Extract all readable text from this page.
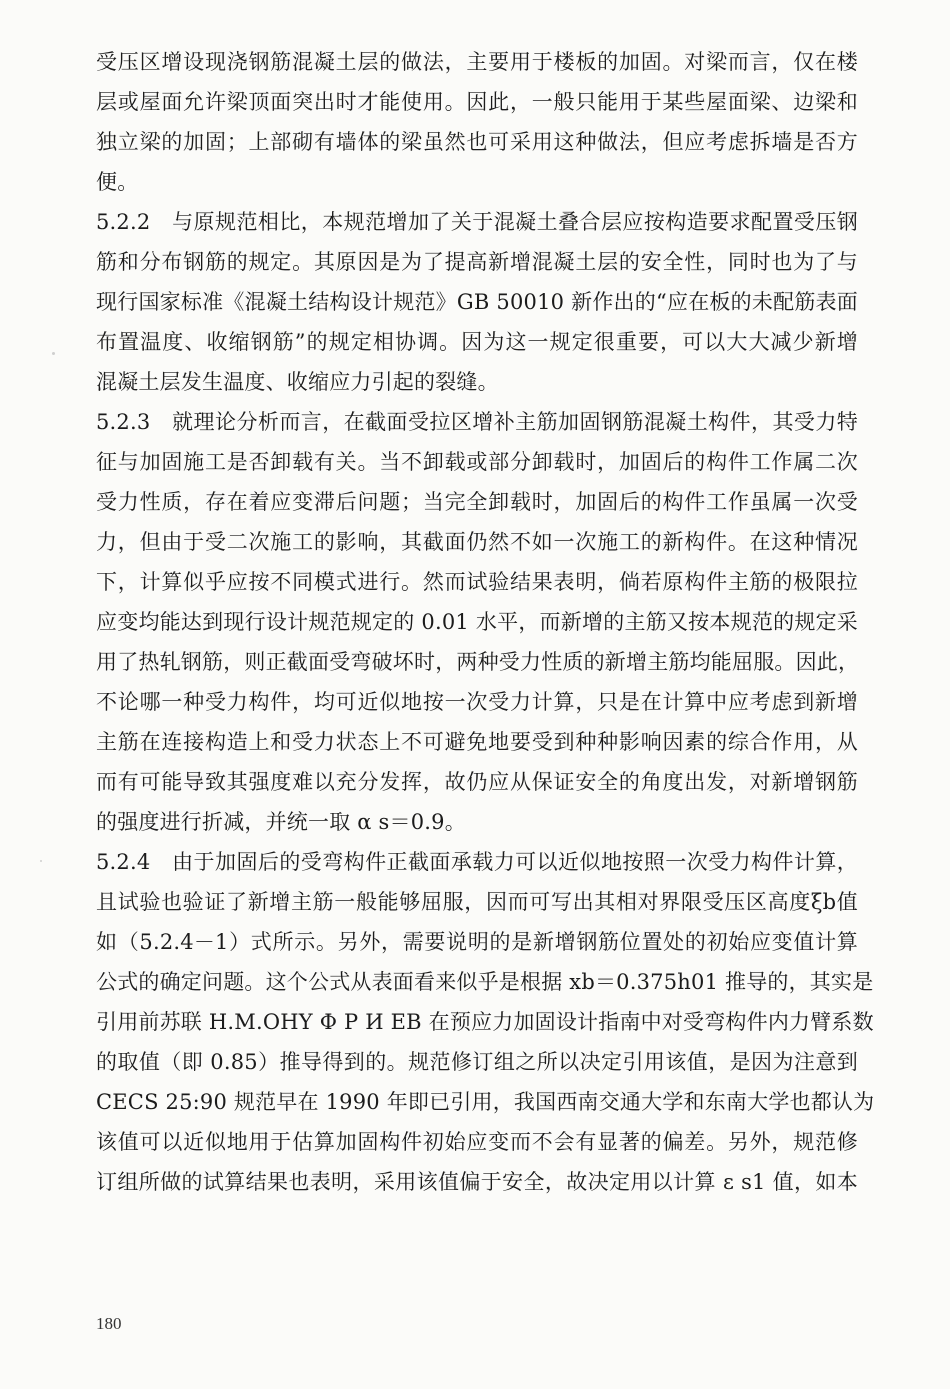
受压区增设现浇钢筋混凝土层的做法，主要用于楼板的加固。对梁而言，仅在楼
层或屋面允许梁顶面突出时才能使用。因此，一般只能用于某些屋面梁、边梁和
独立梁的加固；上部砌有墙体的梁虽然也可采用这种做法，但应考虑拆墙是否方
便。
5.2.2　与原规范相比，本规范增加了关于混凝土叠合层应按构造要求配置受压钢
筋和分布钢筋的规定。其原因是为了提高新增混凝土层的安全性，同时也为了与
现行国家标准《混凝土结构设计规范》GB 50010 新作出的“应在板的未配筋表面
布置温度、收缩钢筋”的规定相协调。因为这一规定很重要，可以大大减少新增
混凝土层发生温度、收缩应力引起的裂缝。
5.2.3　就理论分析而言，在截面受拉区增补主筋加固钢筋混凝土构件，其受力特
征与加固施工是否卸载有关。当不卸载或部分卸载时，加固后的构件工作属二次
受力性质，存在着应变滞后问题；当完全卸载时，加固后的构件工作虽属一次受
力，但由于受二次施工的影响，其截面仍然不如一次施工的新构件。在这种情况
下，计算似乎应按不同模式进行。然而试验结果表明，倘若原构件主筋的极限拉
应变均能达到现行设计规范规定的 0.01 水平，而新增的主筋又按本规范的规定采
用了热轧钢筋，则正截面受弯破坏时，两种受力性质的新增主筋均能屈服。因此，
不论哪一种受力构件，均可近似地按一次受力计算，只是在计算中应考虑到新增
主筋在连接构造上和受力状态上不可避免地要受到种种影响因素的综合作用，从
而有可能导致其强度难以充分发挥，故仍应从保证安全的角度出发，对新增钢筋
的强度进行折减，并统一取 α s＝0.9。
5.2.4　由于加固后的受弯构件正截面承载力可以近似地按照一次受力构件计算，
且试验也验证了新增主筋一般能够屈服，因而可写出其相对界限受压区高度ξb值
如（5.2.4－1）式所示。另外，需要说明的是新增钢筋位置处的初始应变值计算
公式的确定问题。这个公式从表面看来似乎是根据 xb＝0.375h01 推导的，其实是
引用前苏联 H.M.OHY Φ P И EB 在预应力加固设计指南中对受弯构件内力臂系数
的取值（即 0.85）推导得到的。规范修订组之所以决定引用该值，是因为注意到
CECS 25:90 规范早在 1990 年即已引用，我国西南交通大学和东南大学也都认为
该值可以近似地用于估算加固构件初始应变而不会有显著的偏差。另外，规范修
订组所做的试算结果也表明，采用该值偏于安全，故决定用以计算 ε s1 值，如本
180
